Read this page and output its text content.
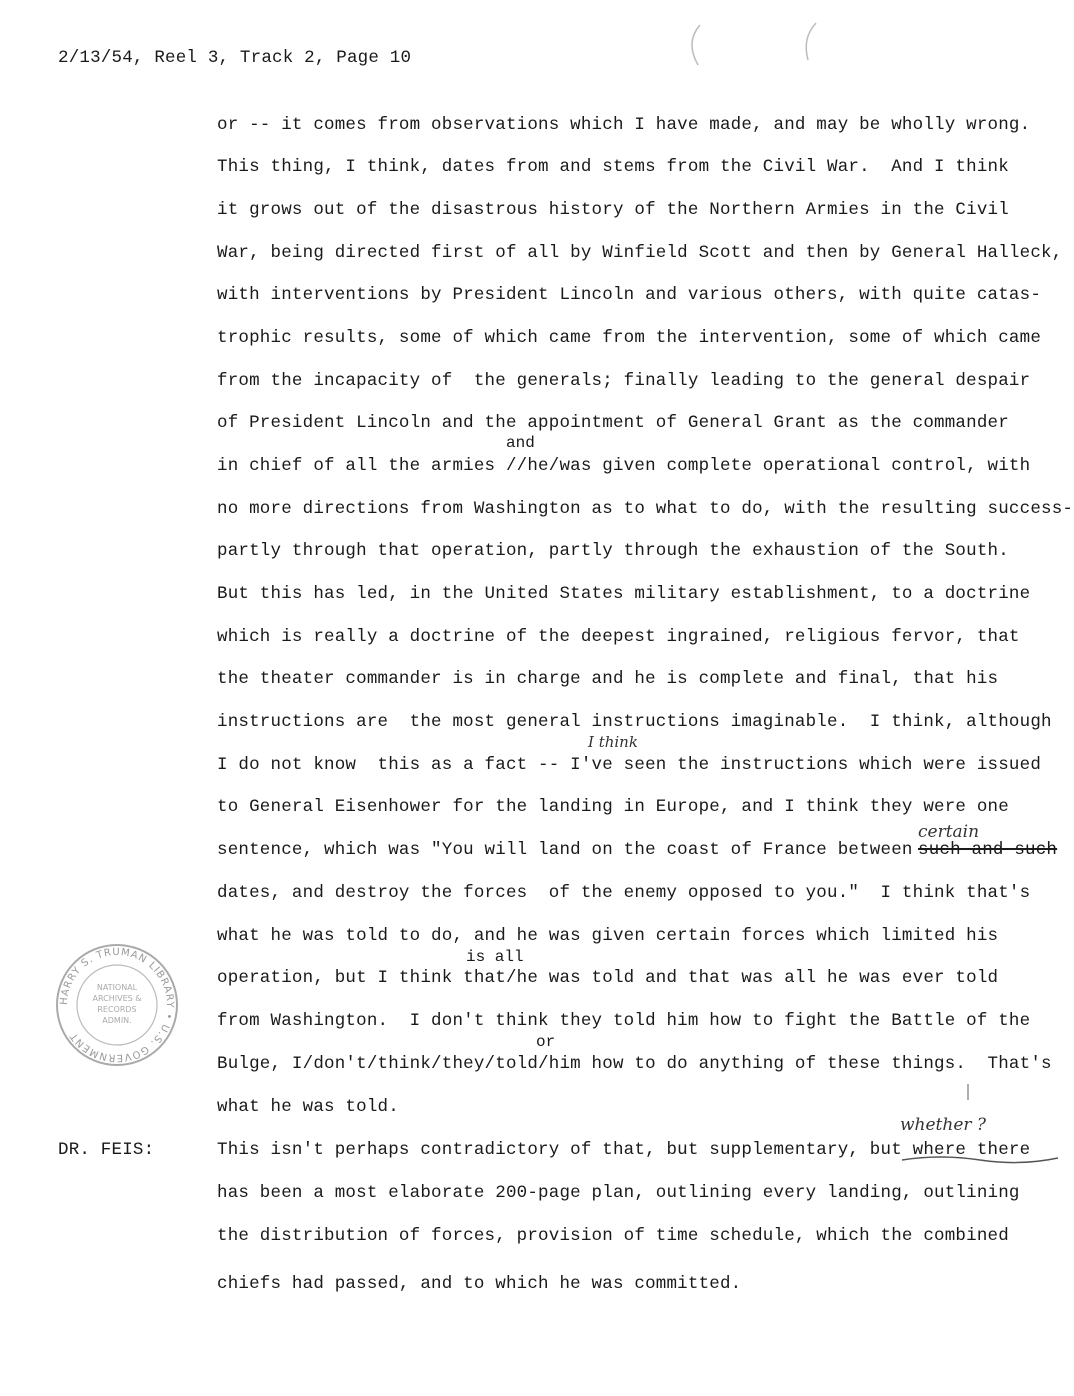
2/13/54, Reel 3, Track 2, Page 10
or -- it comes from observations which I have made, and may be wholly wrong.
This thing, I think, dates from and stems from the Civil War.  And I think
it grows out of the disastrous history of the Northern Armies in the Civil
War, being directed first of all by Winfield Scott and then by General Halleck,
with interventions by President Lincoln and various others, with quite catas-
trophic results, some of which came from the intervention, some of which came
from the incapacity of  the generals; finally leading to the general despair
of President Lincoln and the appointment of General Grant as the commander
and
in chief of all the armies //he/was given complete operational control, with
no more directions from Washington as to what to do, with the resulting success-
partly through that operation, partly through the exhaustion of the South.
But this has led, in the United States military establishment, to a doctrine
which is really a doctrine of the deepest ingrained, religious fervor, that
the theater commander is in charge and he is complete and final, that his
instructions are  the most general instructions imaginable.  I think, although
I think
I do not know  this as a fact -- I've seen the instructions which were issued
to General Eisenhower for the landing in Europe, and I think they were one
certain
sentence, which was "You will land on the coast of France between such and such
dates, and destroy the forces  of the enemy opposed to you."  I think that's
what he was told to do, and he was given certain forces which limited his
is all
operation, but I think that/he was told and that was all he was ever told
from Washington.  I don't think they told him how to fight the Battle of the
or
Bulge, I/don't/think/they/told/him how to do anything of these things.  That's
what he was told.
DR. FEIS:
whether ?
This isn't perhaps contradictory of that, but supplementary, but where there
has been a most elaborate 200-page plan, outlining every landing, outlining
the distribution of forces, provision of time schedule, which the combined
chiefs had passed, and to which he was committed.
HARRY S. TRUMAN LIBRARY • U.S. GOVERNMENT
NATIONAL
ARCHIVES &
RECORDS
ADMIN.
